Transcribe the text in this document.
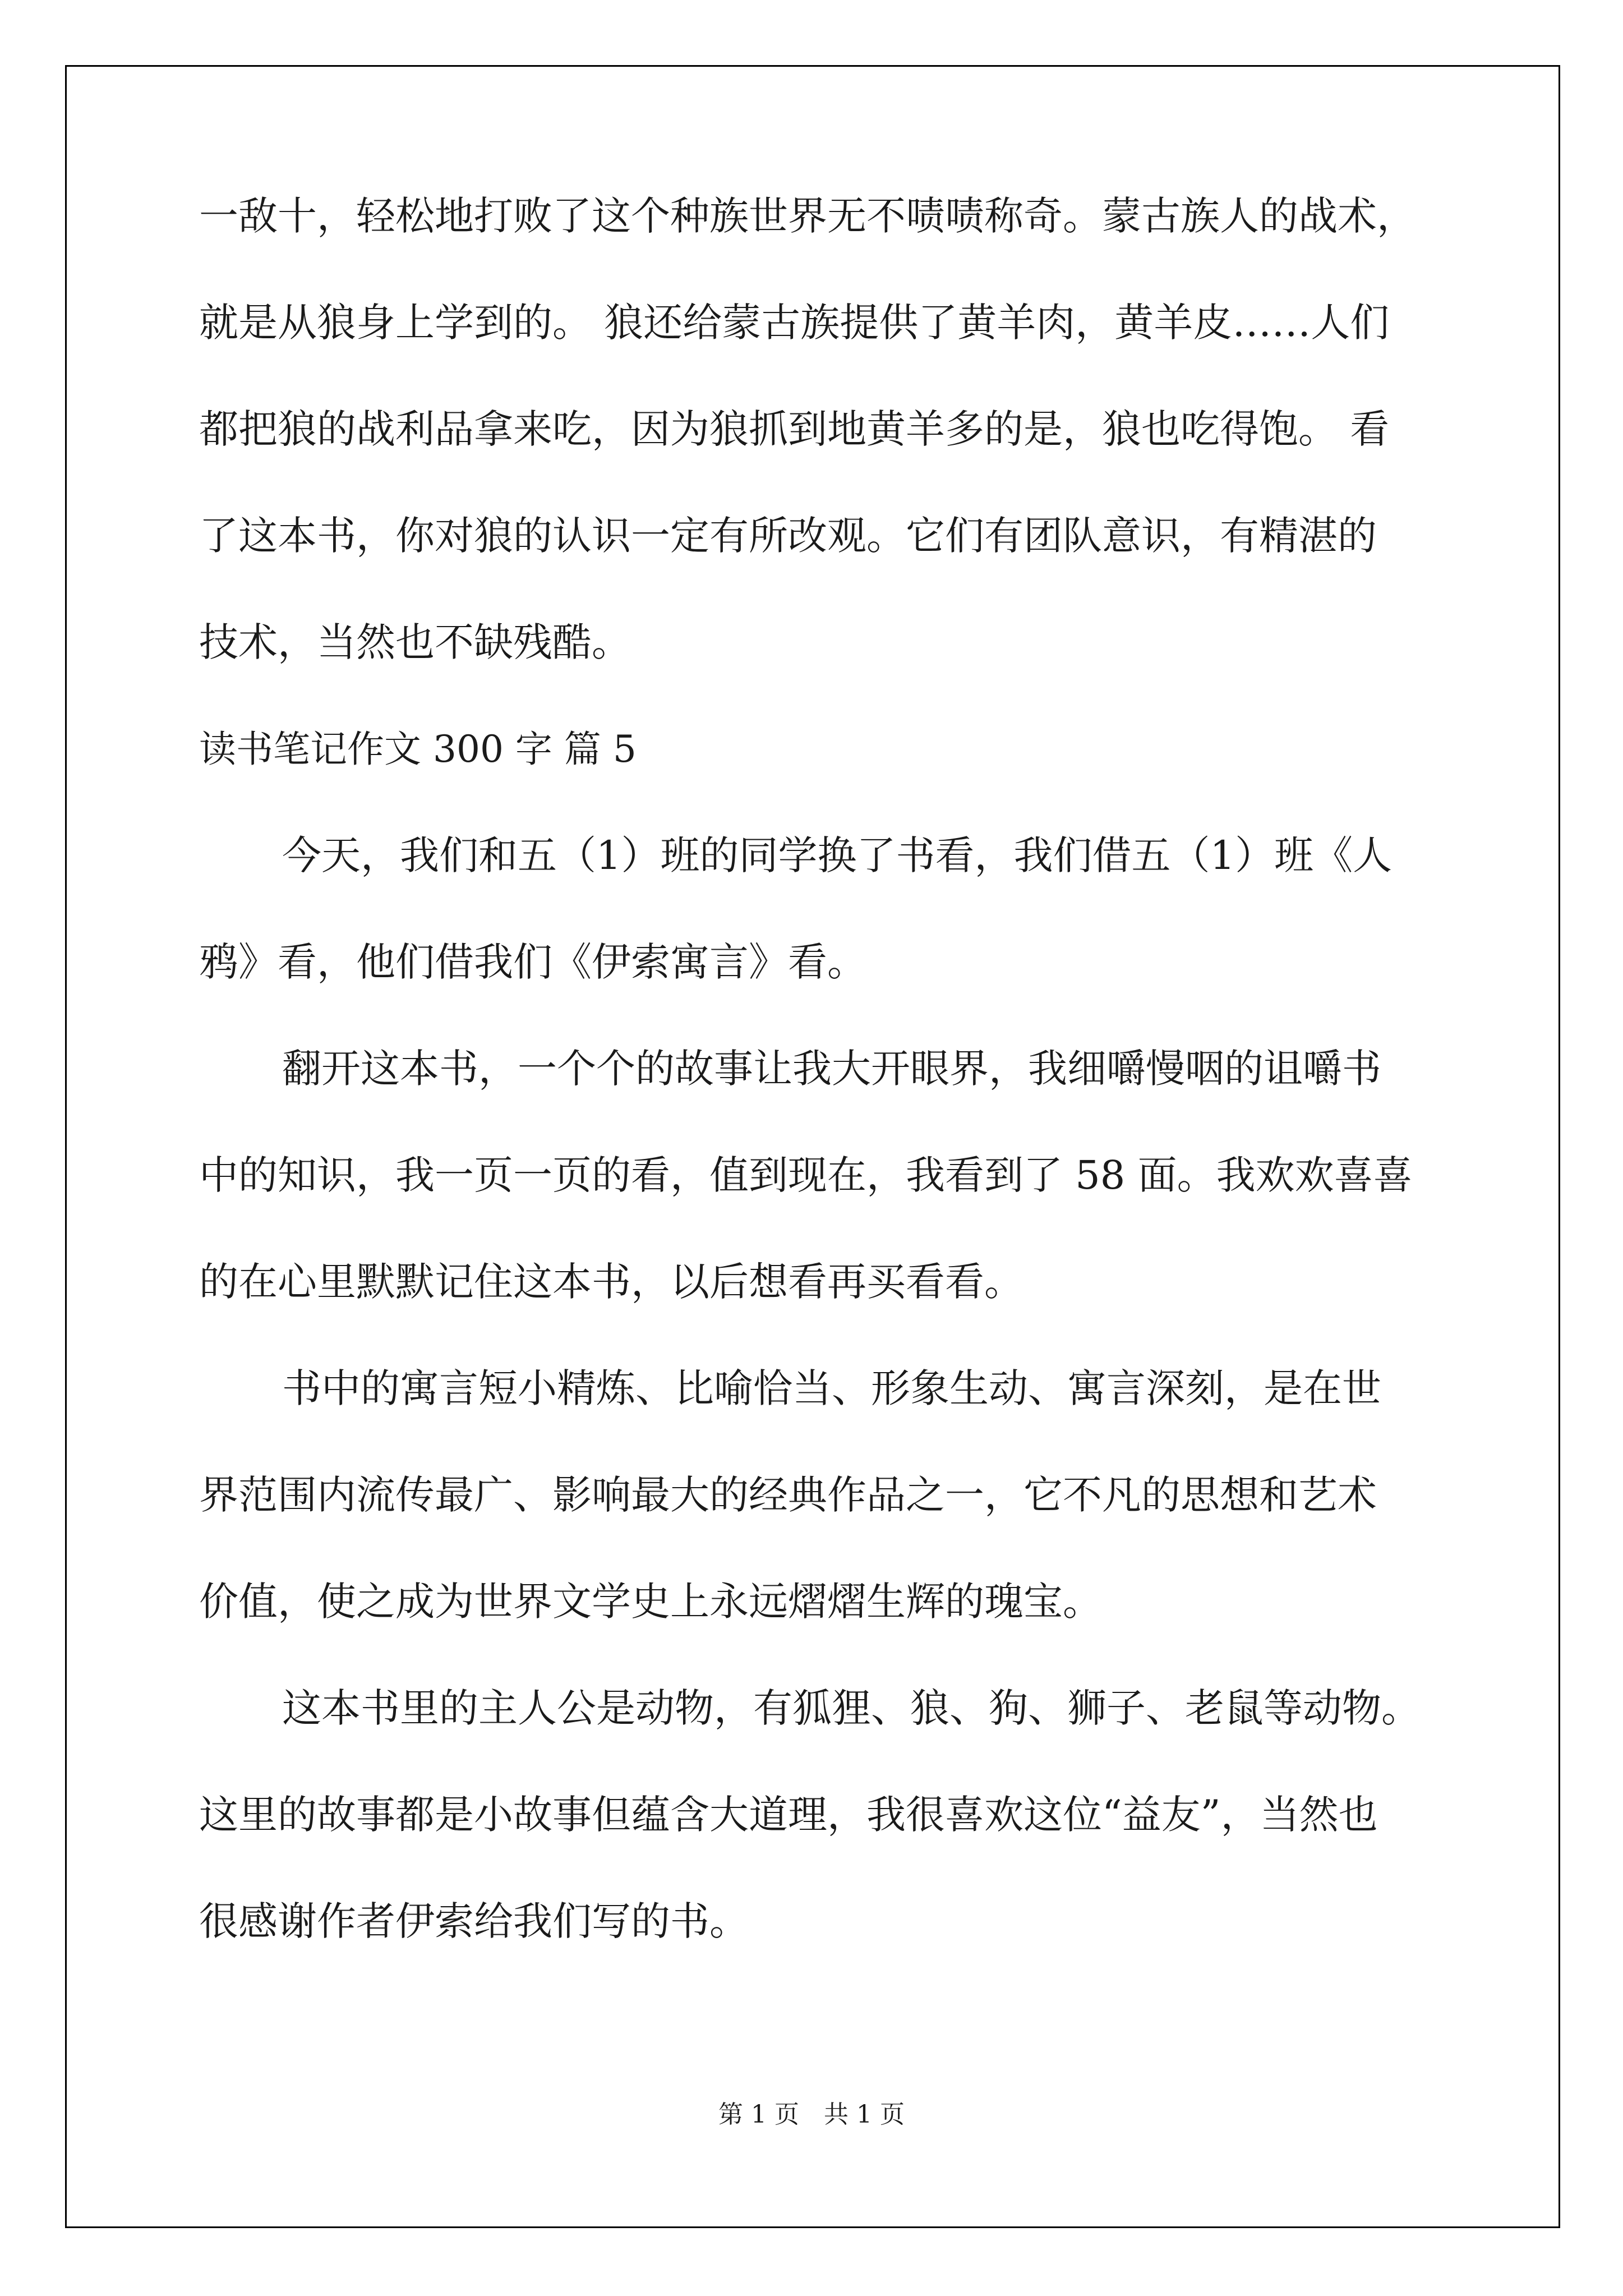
一敌十，轻松地打败了这个种族世界无不啧啧称奇。蒙古族人的战术，
就是从狼身上学到的。 狼还给蒙古族提供了黄羊肉，黄羊皮……人们
都把狼的战利品拿来吃，因为狼抓到地黄羊多的是，狼也吃得饱。 看
了这本书，你对狼的认识一定有所改观。它们有团队意识，有精湛的
技术，当然也不缺残酷。
读书笔记作文 300 字 篇 5
今天，我们和五（1）班的同学换了书看，我们借五（1）班《人
鸦》看，他们借我们《伊索寓言》看。
翻开这本书，一个个的故事让我大开眼界，我细嚼慢咽的诅嚼书
中的知识，我一页一页的看，值到现在，我看到了 58 面。我欢欢喜喜
的在心里默默记住这本书，以后想看再买看看。
书中的寓言短小精炼、比喻恰当、形象生动、寓言深刻，是在世
界范围内流传最广、影响最大的经典作品之一，它不凡的思想和艺术
价值，使之成为世界文学史上永远熠熠生辉的瑰宝。
这本书里的主人公是动物，有狐狸、狼、狗、狮子、老鼠等动物。
这里的故事都是小故事但蕴含大道理，我很喜欢这位“益友”，当然也
很感谢作者伊索给我们写的书。
第 1 页　共 1 页
